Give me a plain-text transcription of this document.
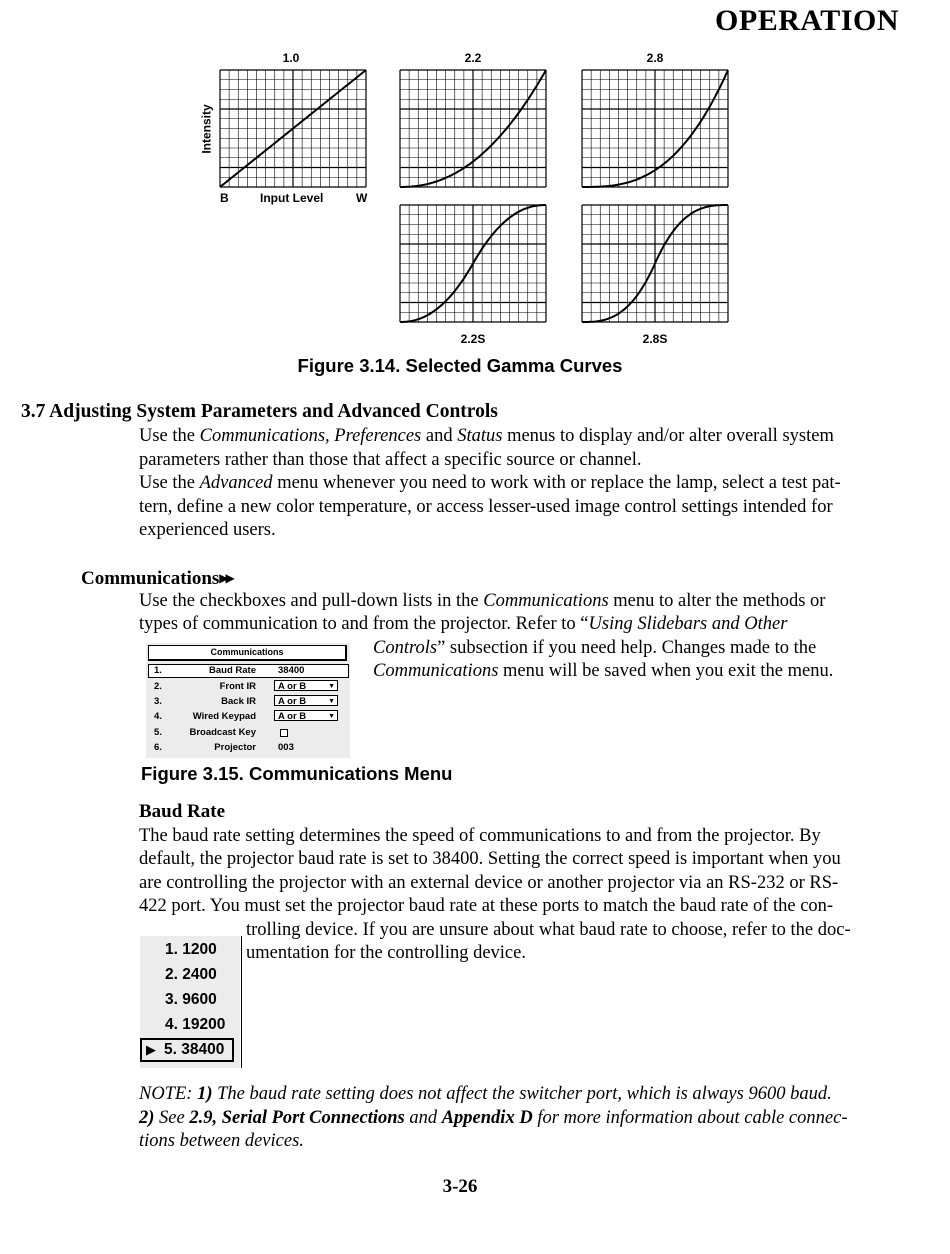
OPERATION
1.0	2.2	2.8
2.2S	2.8S
Intensity
B	Input Level	W
Figure 3.14. Selected Gamma Curves
3.7 Adjusting System Parameters and Advanced Controls
Use the Communications, Preferences and Status menus to display and/or alter overall system
parameters rather than those that affect a specific source or channel.
Use the Advanced menu whenever you need to work with or replace the lamp, select a test pat-
tern, define a new color temperature, or access lesser-used image control settings intended for
experienced users.
Communications ▶▶
Use the checkboxes and pull-down lists in the Communications menu to alter the methods or
types of communication to and from the projector. Refer to “Using Slidebars and Other
Controls” subsection if you need help. Changes made to the
Communications menu will be saved when you exit the menu.
Communications
1.	Baud Rate 38400
2.	Front IR	A or B	▼
3.	Back IR	A or B	▼
4.	Wired Keypad	A or B	▼
5.	Broadcast Key
6.	Projector 003
Figure 3.15. Communications Menu
Baud Rate
The baud rate setting determines the speed of communications to and from the projector. By
default, the projector baud rate is set to 38400. Setting the correct speed is important when you
are controlling the projector with an external device or another projector via an RS-232 or RS-
422 port. You must set the projector baud rate at these ports to match the baud rate of the con-
trolling device. If you are unsure about what baud rate to choose, refer to the doc-
umentation for the controlling device.
1. 1200
2. 2400
3. 9600
4. 19200
▶ 5. 38400
NOTE: 1) The baud rate setting does not affect the switcher port, which is always 9600 baud.
2) See 2.9, Serial Port Connections and Appendix D for more information about cable connec-
tions between devices.
3-26
